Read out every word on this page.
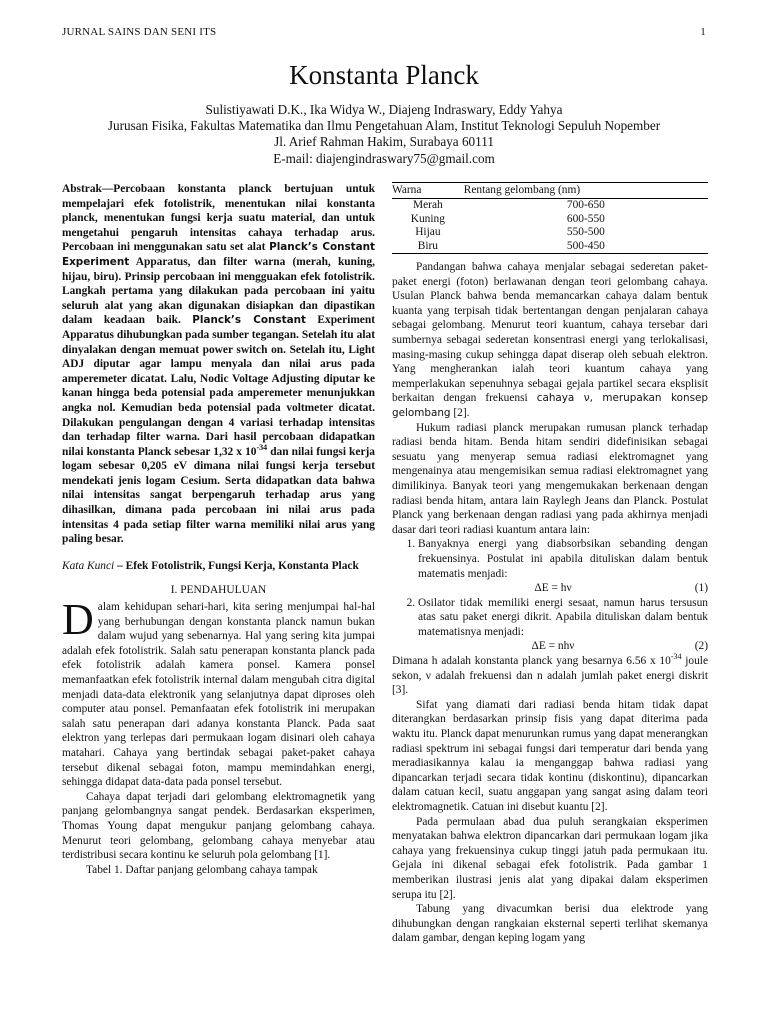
JURNAL SAINS DAN SENI ITS	1
Konstanta Planck
Sulistiyawati D.K., Ika Widya W., Diajeng Indraswary, Eddy Yahya
Jurusan Fisika, Fakultas Matematika dan Ilmu Pengetahuan Alam, Institut Teknologi Sepuluh Nopember
Jl. Arief Rahman Hakim, Surabaya 60111
E-mail: diajengindraswary75@gmail.com

Abstrak—Percobaan konstanta planck bertujuan untuk mempelajari efek fotolistrik, menentukan nilai konstanta planck, menentukan fungsi kerja suatu material, dan untuk mengetahui pengaruh intensitas cahaya terhadap arus. Percobaan ini menggunakan satu set alat Planck’s Constant Experiment Apparatus, dan filter warna (merah, kuning, hijau, biru). Prinsip percobaan ini mengguakan efek fotolistrik. Langkah pertama yang dilakukan pada percobaan ini yaitu seluruh alat yang akan digunakan disiapkan dan dipastikan dalam keadaan baik. Planck’s Constant Experiment Apparatus dihubungkan pada sumber tegangan. Setelah itu alat dinyalakan dengan memuat power switch on. Setelah itu, Light ADJ diputar agar lampu menyala dan nilai arus pada amperemeter dicatat. Lalu, Nodic Voltage Adjusting diputar ke kanan hingga beda potensial pada amperemeter menunjukkan angka nol. Kemudian beda potensial pada voltmeter dicatat. Dilakukan pengulangan dengan 4 variasi terhadap intensitas dan terhadap filter warna. Dari hasil percobaan didapatkan nilai konstanta Planck sebesar 1,32 x $10^{-34}$ dan nilai fungsi kerja logam sebesar 0,205 eV dimana nilai fungsi kerja tersebut mendekati jenis logam Cesium. Serta didapatkan data bahwa nilai intensitas sangat berpengaruh terhadap arus yang dihasilkan, dimana pada percobaan ini nilai arus pada intensitas 4 pada setiap filter warna memiliki nilai arus yang paling besar.

Kata Kunci – Efek Fotolistrik, Fungsi Kerja, Konstanta Plack

I. PENDAHULUAN

Dalam kehidupan sehari-hari, kita sering menjumpai hal-hal yang berhubungan dengan konstanta planck namun bukan dalam wujud yang sebenarnya. Hal yang sering kita jumpai adalah efek fotolistrik. Salah satu penerapan konstanta planck pada efek fotolistrik adalah kamera ponsel. Kamera ponsel memanfaatkan efek fotolistrik internal dalam mengubah citra digital menjadi data-data elektronik yang selanjutnya dapat diproses oleh computer atau ponsel. Pemanfaatan efek fotolistrik ini merupakan salah satu penerapan dari adanya konstanta Planck. Pada saat elektron yang terlepas dari permukaan logam disinari oleh cahaya matahari. Cahaya yang bertindak sebagai paket-paket cahaya tersebut dikenal sebagai foton, mampu memindahkan energi, sehingga didapat data-data pada ponsel tersebut.

Cahaya dapat terjadi dari gelombang elektromagnetik yang panjang gelombangnya sangat pendek. Berdasarkan eksperimen, Thomas Young dapat mengukur panjang gelombang cahaya. Menurut teori gelombang, gelombang cahaya menyebar atau terdistribusi secara kontinu ke seluruh pola gelombang [1].

Tabel 1. Daftar panjang gelombang cahaya tampak

Warna	Rentang gelombang (nm)
Merah	700-650
Kuning	600-550
Hijau	550-500
Biru	500-450

Pandangan bahwa cahaya menjalar sebagai sederetan paket-paket energi (foton) berlawanan dengan teori gelombang cahaya. Usulan Planck bahwa benda memancarkan cahaya dalam bentuk kuanta yang terpisah tidak bertentangan dengan penjalaran cahaya sebagai gelombang. Menurut teori kuantum, cahaya tersebar dari sumbernya sebagai sederetan konsentrasi energi yang terlokalisasi, masing-masing cukup sehingga dapat diserap oleh sebuah elektron. Yang mengherankan ialah teori kuantum cahaya yang memperlakukan sepenuhnya sebagai gejala partikel secara eksplisit berkaitan dengan frekuensi cahaya ν, merupakan konsep gelombang [2].

Hukum radiasi planck merupakan rumusan planck terhadap radiasi benda hitam. Benda hitam sendiri didefinisikan sebagai sesuatu yang menyerap semua radiasi elektromagnet yang mengenainya atau mengemisikan semua radiasi elektromagnet yang dimilikinya. Banyak teori yang mengemukakan berkenaan dengan radiasi benda hitam, antara lain Raylegh Jeans dan Planck. Postulat Planck yang berkenaan dengan radiasi yang pada akhirnya menjadi dasar dari teori radiasi kuantum antara lain:

1. Banyaknya energi yang diabsorbsikan sebanding dengan frekuensinya. Postulat ini apabila dituliskan dalam bentuk matematis menjadi:
ΔE = hν	(1)
2. Osilator tidak memiliki energi sesaat, namun harus tersusun atas satu paket energi dikrit. Apabila dituliskan dalam bentuk matematisnya menjadi:
ΔE = nhν	(2)

Dimana h adalah konstanta planck yang besarnya 6.56 x $10^{-34}$ joule sekon, ν adalah frekuensi dan n adalah jumlah paket energi diskrit [3].

Sifat yang diamati dari radiasi benda hitam tidak dapat diterangkan berdasarkan prinsip fisis yang dapat diterima pada waktu itu. Planck dapat menurunkan rumus yang dapat menerangkan radiasi spektrum ini sebagai fungsi dari temperatur dari benda yang meradiasikannya kalau ia menganggap bahwa radiasi yang dipancarkan terjadi secara tidak kontinu (diskontinu), dipancarkan dalam catuan kecil, suatu anggapan yang sangat asing dalam teori elektromagnetik. Catuan ini disebut kuantu [2].

Pada permulaan abad dua puluh serangkaian eksperimen menyatakan bahwa elektron dipancarkan dari permukaan logam jika cahaya yang frekuensinya cukup tinggi jatuh pada permukaan itu. Gejala ini dikenal sebagai efek fotolistrik. Pada gambar 1 memberikan ilustrasi jenis alat yang dipakai dalam eksperimen serupa itu [2].

Tabung yang divacumkan berisi dua elektrode yang dihubungkan dengan rangkaian eksternal seperti terlihat skemanya dalam gambar, dengan keping logam yang
